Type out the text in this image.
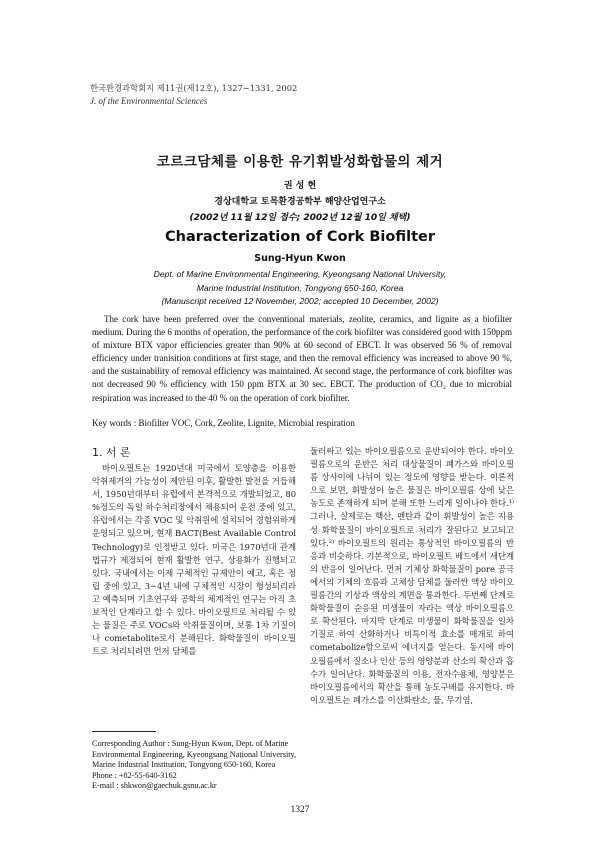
한국환경과학회지 제11권(제12호), 1327∼1331, 2002
J. of the Environmental Sciences
코르크담체를 이용한 유기휘발성화합물의 제거
권 성 현
경상대학교 토목환경공학부 해양산업연구소
(2002년 11월 12일 접수; 2002년 12월 10일 채택)
Characterization of Cork Biofilter
Sung-Hyun Kwon
Dept. of Marine Environmental Engineering, Kyeongsang National University,
Marine Industrial Institution, Tongyong 650-160, Korea
(Manuscript received 12 November, 2002; accepted 10 December, 2002)
The cork have been preferred over the conventional materials, zeolite, ceramics, and lignite as a biofilter medium. During the 6 months of operation, the performance of the cork biofilter was considered good with 150ppm of mixture BTX vapor efficiencies greater than 90% at 60 second of EBCT. It was observed 56 % of removal efficiency under tranisition conditions at first stage, and then the removal efficiency was increased to above 90 %, and the sustainability of removal efficiency was maintained. At second stage, the performance of cork biofilter was not decreased 90 % efficiency with 150 ppm BTX at 30 sec. EBCT. The production of CO₂ due to microbial respiration was increased to the 40 % on the operation of cork biofilter.
Key words : Biofilter VOC, Cork, Zeolite, Lignite, Microbial respiration
1. 서 론

바이오필트는 1920년대 미국에서 토양층을 이용한 악취제거의 가능성이 제안된 이후, 활발한 발전을 거듭해서, 1950년대부터 유럽에서 본격적으로 개발되었고, 80 %정도의 독일 하수처리장에서 채용되어 운전 중에 있고, 유럽에서는 각종 VOC 및 악취원에 설치되어 경험위하게 운영되고 있으며, 현재 BACT(Best Available Control Technology)로 인정받고 있다. 미국은 1970년대 관계법규가 제정되어 현재 활발한 연구, 상용화가 진행되고 있다. 국내에서는 이제 구체적인 규제안이 예고, 혹은 정립 중에 있고, 3∼4년 내에 구체적인 시장이 형성되리라고 예측되며 기초연구와 공학의 체계적인 연구는 아직 초보적인 단계라고 할 수 있다. 바이오필트로 처리될 수 있는 물질은 주로 VOCs와 악취물질이며, 보통 1차 기질이나 cometabolite로서 분해된다. 화학물질이 바이오필트로 처리되려면 먼저 담체를

둘러싸고 있는 바이오필름으로 운반되어야 한다. 바이오필름으로의 운반은 처리 대상물질이 폐가스와 바이오필름 상사이에 나뉘어 있는 정도에 영향을 받는다. 이론적으로 보면, 휘발성이 높은 물질은 바이오필름 상에 낮은 농도로 존재하게 되며 분해 또한 느리게 일어나야 한다.¹⁾ 그러나, 실제로는 핵산, 펜탄과 같이 휘발성이 높은 지용성 화학물질이 바이오필트로 처리가 잘된다고 보고되고 있다.²⁾ 바이오필트의 원리는 통상적인 바이오필름의 반응과 비슷하다. 기본적으로, 바이오필트 베드에서 세단계의 반응이 일어난다. 먼저 기체상 화학물질이 pore 공극에서의 기체의 흐름과 고체상 담체를 둘러싼 액상 바이오필름간의 기상과 액상의 계면을 통과한다. 두번째 단계로 화학물질이 순응된 미생물이 자라는 액상 바이오필름으로 확산된다. 마지막 단계로 미생물이 화학물질을 일차 기질로 하여 산화하거나 비특이적 효소를 매개로 하여 cometabolize함으로써 에너지를 얻는다. 동시에 바이오필름에서 질소나 인산 등의 영양분과 산소의 확산과 흡수가 일어난다. 화학물질의 이용, 전자수용체, 영양분은 바이오필름에서의 확산을 통해 농도구배를 유지한다. 바이오필트는 폐가스를 이산화탄소, 물, 무기염,

Corresponding Author : Sung-Hyun Kwon, Dept. of Marine
Environmental Engineering, Kyeongsang National University,
Marine Industrial Institution, Tongyong 650-160, Korea
Phone : +82-55-640-3162
E-mail : shkwon@gaechuk.gsnu.ac.kr
1327
